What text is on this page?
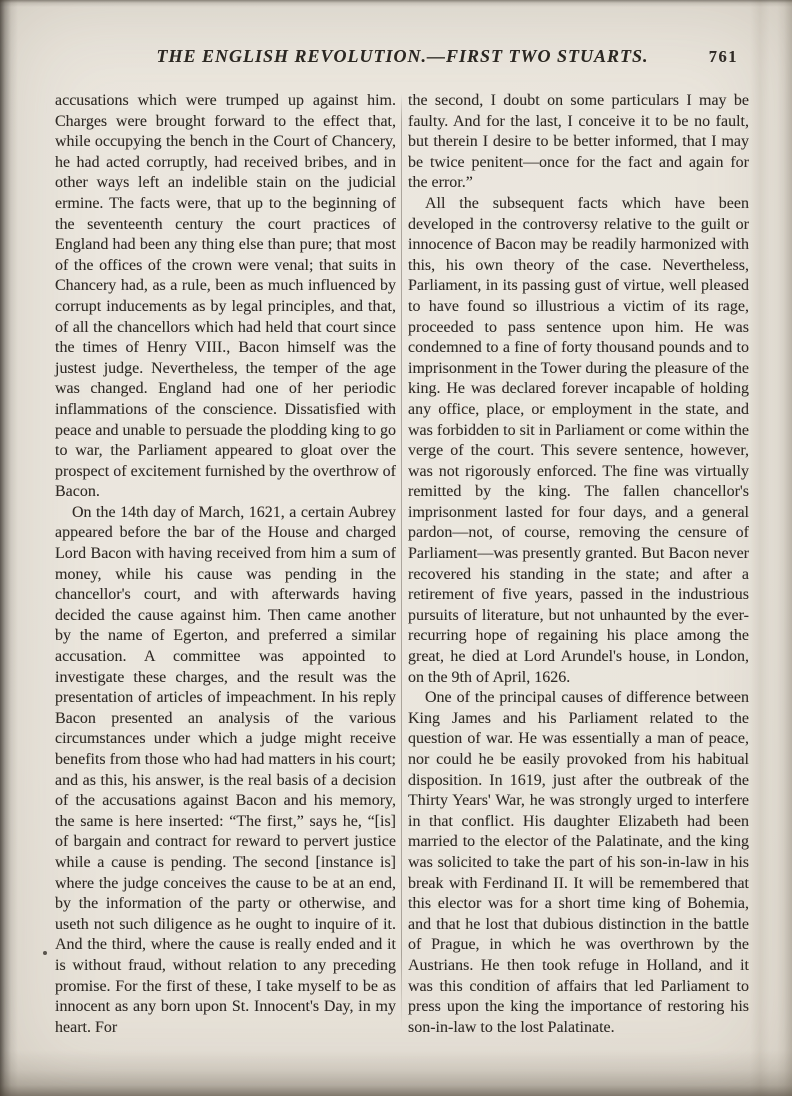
THE ENGLISH REVOLUTION.—FIRST TWO STUARTS.	761

accusations which were trumped up against him. Charges were brought forward to the effect that, while occupying the bench in the Court of Chancery, he had acted corruptly, had received bribes, and in other ways left an indelible stain on the judicial ermine. The facts were, that up to the beginning of the seventeenth century the court practices of England had been any thing else than pure; that most of the offices of the crown were venal; that suits in Chancery had, as a rule, been as much influenced by corrupt inducements as by legal principles, and that, of all the chancellors which had held that court since the times of Henry VIII., Bacon himself was the justest judge. Nevertheless, the temper of the age was changed. England had one of her periodic inflammations of the conscience. Dissatisfied with peace and unable to persuade the plodding king to go to war, the Parliament appeared to gloat over the prospect of excitement furnished by the overthrow of Bacon.

On the 14th day of March, 1621, a certain Aubrey appeared before the bar of the House and charged Lord Bacon with having received from him a sum of money, while his cause was pending in the chancellor's court, and with afterwards having decided the cause against him. Then came another by the name of Egerton, and preferred a similar accusation. A committee was appointed to investigate these charges, and the result was the presentation of articles of impeachment. In his reply Bacon presented an analysis of the various circumstances under which a judge might receive benefits from those who had had matters in his court; and as this, his answer, is the real basis of a decision of the accusations against Bacon and his memory, the same is here inserted: “The first,” says he, “[is] of bargain and contract for reward to pervert justice while a cause is pending. The second [instance is] where the judge conceives the cause to be at an end, by the information of the party or otherwise, and useth not such diligence as he ought to inquire of it. And the third, where the cause is really ended and it is without fraud, without relation to any preceding promise. For the first of these, I take myself to be as innocent as any born upon St. Innocent's Day, in my heart. For

the second, I doubt on some particulars I may be faulty. And for the last, I conceive it to be no fault, but therein I desire to be better informed, that I may be twice penitent—once for the fact and again for the error.”

All the subsequent facts which have been developed in the controversy relative to the guilt or innocence of Bacon may be readily harmonized with this, his own theory of the case. Nevertheless, Parliament, in its passing gust of virtue, well pleased to have found so illustrious a victim of its rage, proceeded to pass sentence upon him. He was condemned to a fine of forty thousand pounds and to imprisonment in the Tower during the pleasure of the king. He was declared forever incapable of holding any office, place, or employment in the state, and was forbidden to sit in Parliament or come within the verge of the court. This severe sentence, however, was not rigorously enforced. The fine was virtually remitted by the king. The fallen chancellor's imprisonment lasted for four days, and a general pardon—not, of course, removing the censure of Parliament—was presently granted. But Bacon never recovered his standing in the state; and after a retirement of five years, passed in the industrious pursuits of literature, but not unhaunted by the ever-recurring hope of regaining his place among the great, he died at Lord Arundel's house, in London, on the 9th of April, 1626.

One of the principal causes of difference between King James and his Parliament related to the question of war. He was essentially a man of peace, nor could he be easily provoked from his habitual disposition. In 1619, just after the outbreak of the Thirty Years' War, he was strongly urged to interfere in that conflict. His daughter Elizabeth had been married to the elector of the Palatinate, and the king was solicited to take the part of his son-in-law in his break with Ferdinand II. It will be remembered that this elector was for a short time king of Bohemia, and that he lost that dubious distinction in the battle of Prague, in which he was overthrown by the Austrians. He then took refuge in Holland, and it was this condition of affairs that led Parliament to press upon the king the importance of restoring his son-in-law to the lost Palatinate.
